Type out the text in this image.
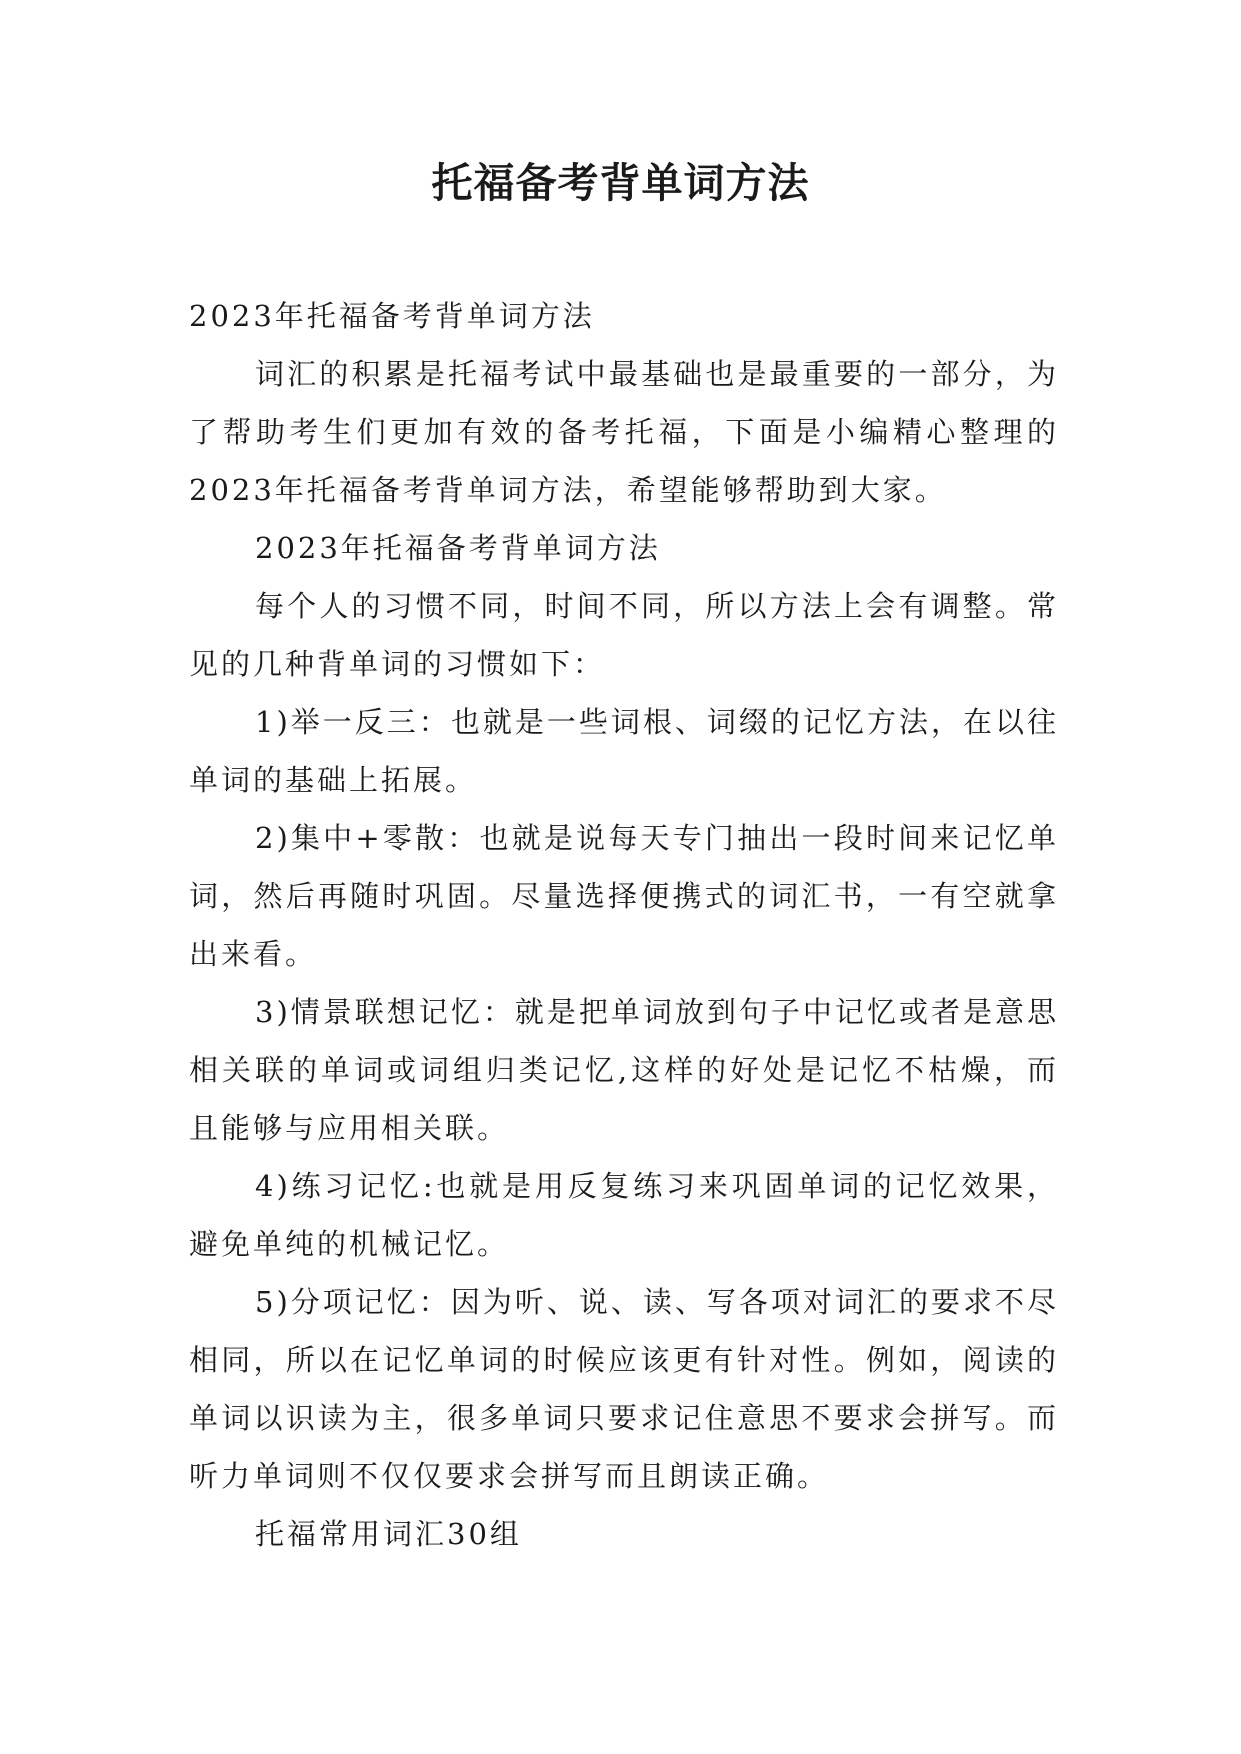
托福备考背单词方法

2023年托福备考背单词方法

词汇的积累是托福考试中最基础也是最重要的一部分，为了帮助考生们更加有效的备考托福，下面是小编精心整理的2023年托福备考背单词方法，希望能够帮助到大家。

2023年托福备考背单词方法

每个人的习惯不同，时间不同，所以方法上会有调整。常见的几种背单词的习惯如下：

1)举一反三：也就是一些词根、词缀的记忆方法，在以往单词的基础上拓展。

2)集中+零散：也就是说每天专门抽出一段时间来记忆单词，然后再随时巩固。尽量选择便携式的词汇书，一有空就拿出来看。

3)情景联想记忆：就是把单词放到句子中记忆或者是意思相关联的单词或词组归类记忆,这样的好处是记忆不枯燥，而且能够与应用相关联。

4)练习记忆:也就是用反复练习来巩固单词的记忆效果，避免单纯的机械记忆。

5)分项记忆：因为听、说、读、写各项对词汇的要求不尽相同，所以在记忆单词的时候应该更有针对性。例如，阅读的单词以识读为主，很多单词只要求记住意思不要求会拼写。而听力单词则不仅仅要求会拼写而且朗读正确。

托福常用词汇30组
